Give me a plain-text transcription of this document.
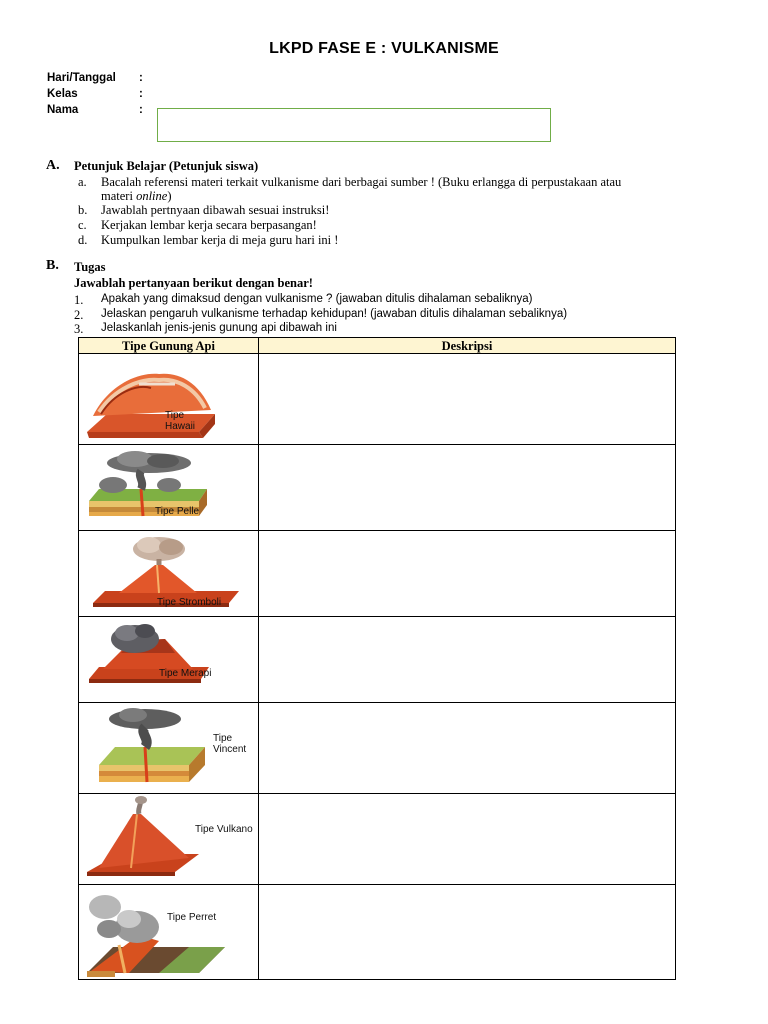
LKPD FASE E : VULKANISME
Hari/Tanggal :
Kelas	:
Nama	:
A. Petunjuk Belajar (Petunjuk siswa)
a. Bacalah referensi materi terkait vulkanisme dari berbagai sumber ! (Buku erlangga di perpustakaan atau
materi online)
b. Jawablah pertnyaan dibawah sesuai instruksi!
c. Kerjakan lembar kerja secara berpasangan!
d. Kumpulkan lembar kerja di meja guru hari ini !
B. Tugas
Jawablah pertanyaan berikut dengan benar!
1. Apakah yang dimaksud dengan vulkanisme ? (jawaban ditulis dihalaman sebaliknya)
2. Jelaskan pengaruh vulkanisme terhadap kehidupan! (jawaban ditulis dihalaman sebaliknya)
3. Jelaskanlah jenis-jenis gunung api dibawah ini
Tipe Gunung Api	Deskripsi

Tipe
Hawaii	

Tipe Pelle	

Tipe Stromboli	

Tipe Merapi	

Tipe
Vincent	

Tipe Vulkano	

Tipe Perret	
